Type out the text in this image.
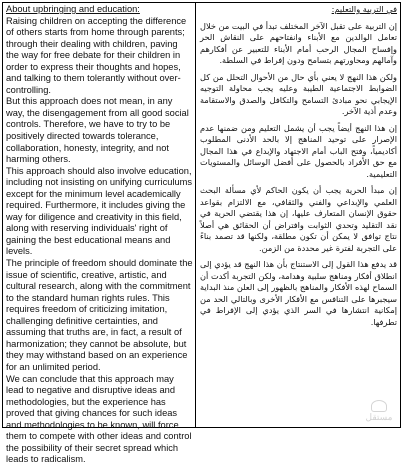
About upbringing and education:

Raising children on accepting the difference of others starts from home through parents; through their dealing with children, paving the way for free debate for their children in order to express their thoughts and hopes, and talking to them tolerantly without over-controlling.

But this approach does not mean, in any way, the disengagement from all good social controls. Therefore, we have to try to be positively directed towards tolerance, collaboration, honesty, integrity, and not harming others.

This approach should also involve education, including not insisting on unifying curriculums except for the minimum level academically required. Furthermore, it includes giving the way for diligence and creativity in this field, along with reserving individuals' right of gaining the best educational means and levels.

The principle of freedom should dominate the issue of scientific, creative, artistic, and cultural research, along with the commitment to the standard human rights rules. This requires freedom of criticizing imitation, challenging definitive certainties, and assuming that truths are, in fact, a result of harmonization; they cannot be absolute, but they may withstand based on an experience for an unlimited period.

We can conclude that this approach may lead to negative and disruptive ideas and methodologies, but the experience has proved that giving chances for such ideas and methodologies to be known, will force them to compete with other ideas and control the possibility of their secret spread which leads to radicalism.

في التربية والتعليم:

إن التربية على تقبل الآخر المختلف تبدأ في البيت من خلال تعامل الوالدين مع الأبناء وانفتاحهم على النقاش الحر وإفساح المجال الرحب أمام الأبناء للتعبير عن أفكارهم وآمالهم ومحاورتهم بتسامح ودون إفراط في السلطة.

ولكن هذا النهج لا يعني بأي حال من الأحوال التحلل من كل الضوابط الاجتماعية الطيبة وعليه يجب محاولة التوجيه الإيجابي نحو مبادئ التسامح والتكافل والصدق والاستقامة وعدم أذية الآخر.

إن هذا النهج أيضاً يجب أن يشمل التعليم ومن ضمنها عدم الإصرار على توحيد المناهج إلا بالحد الأدنى المطلوب أكاديمياً، وفتح الباب أمام الاجتهاد والإبداع في هذا المجال مع حق الأفراد بالحصول على أفضل الوسائل والمستويات التعليمية.

إن مبدأ الحرية يجب أن يكون الحاكم لأي مسألة البحث العلمي والإبداعي والفني والثقافي، مع الالتزام بقواعد حقوق الإنسان المتعارف عليها، إن هذا يقتضي الحرية في نقد التقليد وتحدي الثوابت وافتراض أن الحقائق هي أصلاً نتاج توافق لا يمكن أن تكون مطلقة، ولكنها قد تصمد بناءً على التجربة لفترة غير محددة من الزمن.

قد يدفع هذا القول إلى الاستنتاج بأن هذا النهج قد يؤدي إلى انطلاق أفكار ومناهج سلبية وهدامة، ولكن التجربة أكدت أن السماح لهذه الأفكار والمناهج بالظهور إلى العلن منذ البداية سيجبرها على التنافس مع الأفكار الأخرى وبالتالي الحد من إمكانية انتشارها في السر الذي يؤدي إلى الإفراط في تطرفها.

مستقل
